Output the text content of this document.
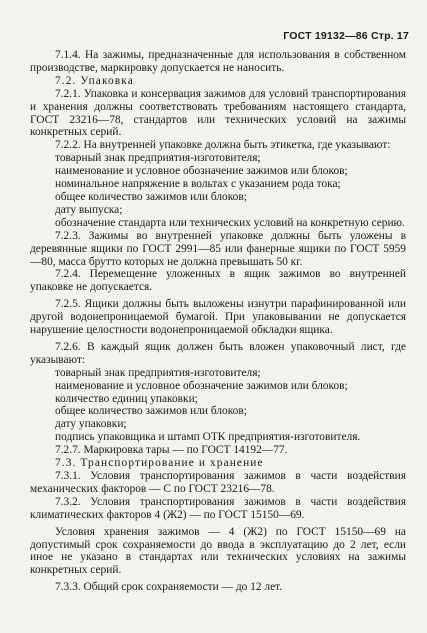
ГОСТ 19132—86 Стр. 17

7.1.4. На зажимы, предназначенные для использования в собственном производстве, маркировку допускается не наносить.

7.2. Упаковка

7.2.1. Упаковка и консервация зажимов для условий транспортирования и хранения должны соответствовать требованиям настоящего стандарта, ГОСТ 23216—78, стандартов или технических условий на зажимы конкретных серий.

7.2.2. На внутренней упаковке должна быть этикетка, где указывают:

товарный знак предприятия-изготовителя;

наименование и условное обозначение зажимов или блоков;

номинальное напряжение в вольтах с указанием рода тока;

общее количество зажимов или блоков;

дату выпуска;

обозначение стандарта или технических условий на конкретную серию.

7.2.3. Зажимы во внутренней упаковке должны быть уложены в деревянные ящики по ГОСТ 2991—85 или фанерные ящики по ГОСТ 5959—80, масса брутто которых не должна превышать 50 кг.

7.2.4. Перемещение уложенных в ящик зажимов во внутренней упаковке не допускается.

7.2.5. Ящики должны быть выложены изнутри парафинированной или другой водонепроницаемой бумагой. При упаковывании не допускается нарушение целостности водонепроницаемой обкладки ящика.

7.2.6. В каждый ящик должен быть вложен упаковочный лист, где указывают:

товарный знак предприятия-изготовителя;

наименование и условное обозначение зажимов или блоков;

количество единиц упаковки;

общее количество зажимов или блоков;

дату упаковки;

подпись упаковщика и штамп ОТК предприятия-изготовителя.

7.2.7. Маркировка тары — по ГОСТ 14192—77.

7.3. Транспортирование и хранение

7.3.1. Условия транспортирования зажимов в части воздействия механических факторов — С по ГОСТ 23216—78.

7.3.2. Условия транспортирования зажимов в части воздействия климатических факторов 4 (Ж2) — по ГОСТ 15150—69.

Условия хранения зажимов — 4 (Ж2) по ГОСТ 15150—69 на допустимый срок сохраняемости до ввода в эксплуатацию до 2 лет, если иное не указано в стандартах или технических условиях на зажимы конкретных серий.

7.3.3. Общий срок сохраняемости — до 12 лет.
